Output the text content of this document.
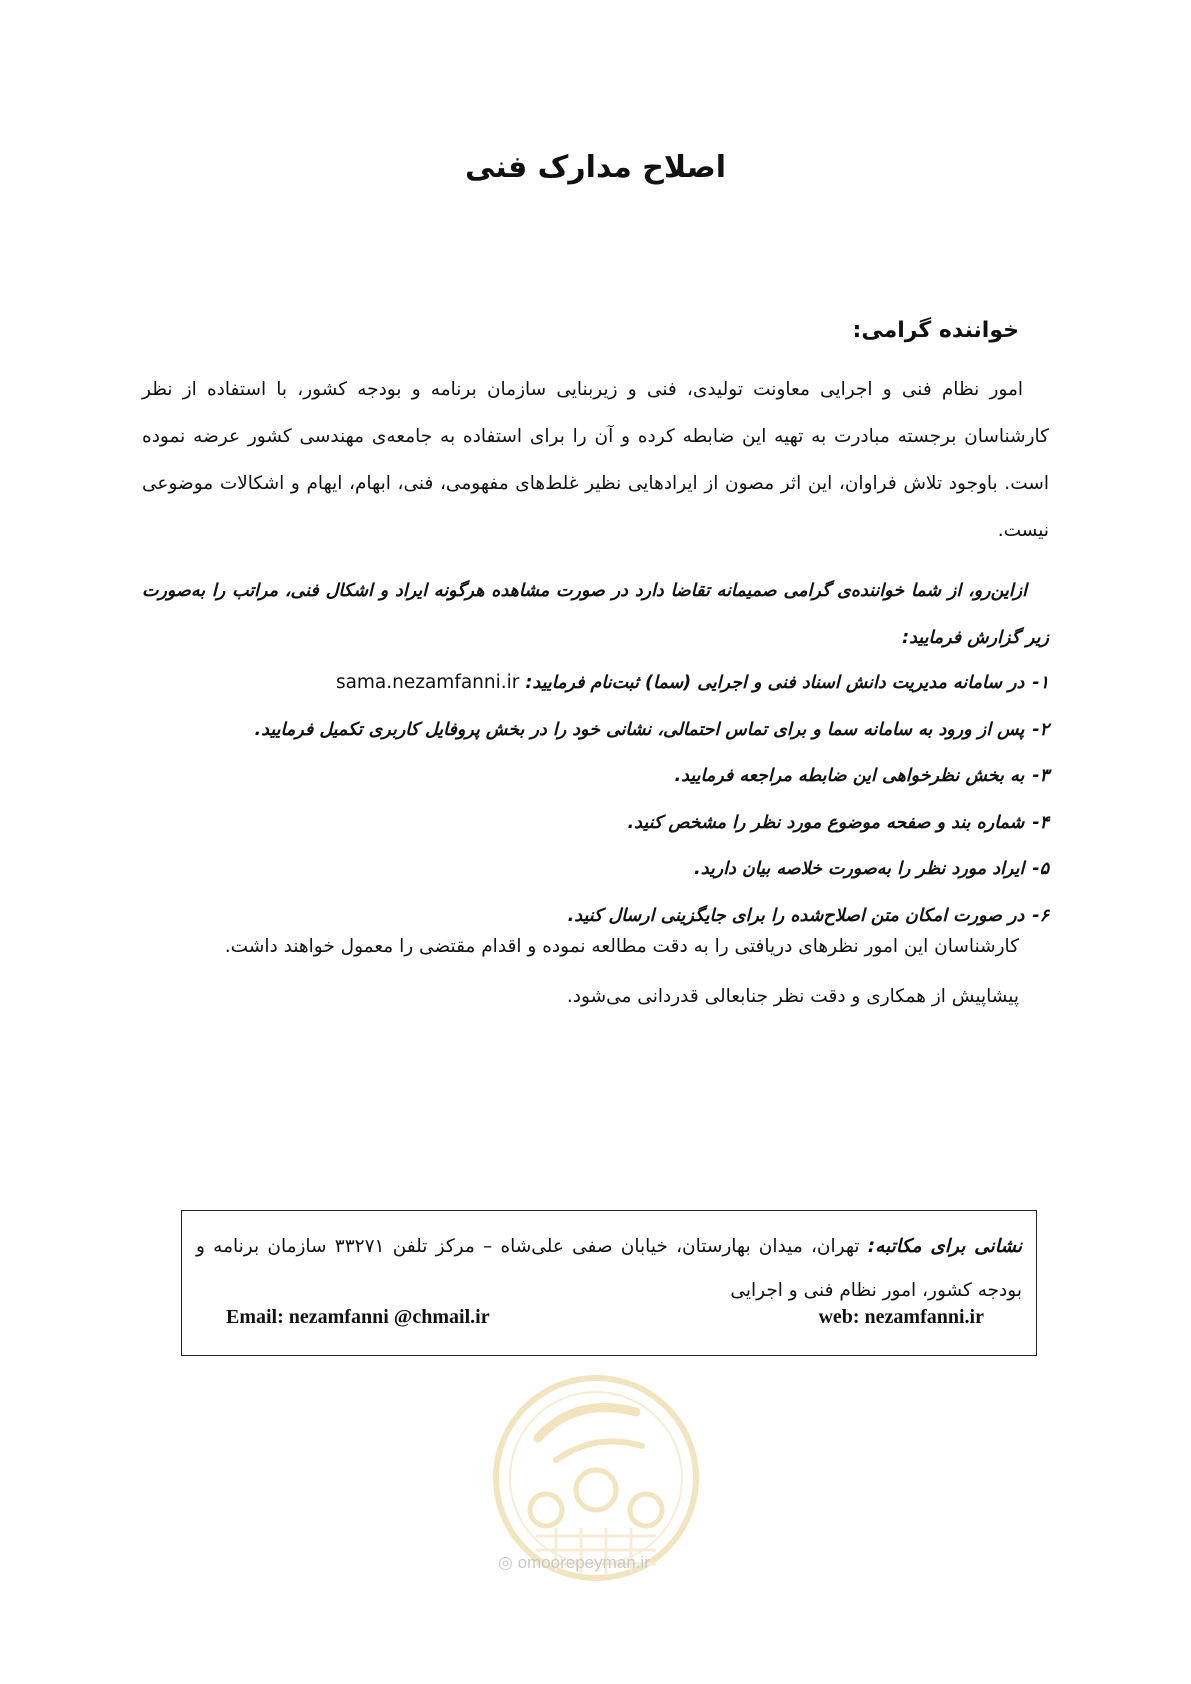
اصلاح مدارک فنی
خواننده گرامی:
امور نظام فنی و اجرایی معاونت تولیدی، فنی و زیربنایی سازمان برنامه و بودجه کشور، با استفاده از نظر کارشناسان برجسته مبادرت به تهیه این ضابطه کرده و آن را برای استفاده به جامعه‌ی مهندسی کشور عرضه نموده است. باوجود تلاش فراوان، این اثر مصون از ایرادهایی نظیر غلط‌های مفهومی، فنی، ابهام، ایهام و اشکالات موضوعی نیست.
ازاین‌رو، از شما خواننده‌ی گرامی صمیمانه تقاضا دارد در صورت مشاهده هرگونه ایراد و اشکال فنی، مراتب را به‌صورت زیر گزارش فرمایید:
۱-در سامانه مدیریت دانش اسناد فنی و اجرایی (سما) ثبت‌نام فرمایید:sama.nezamfanni.ir
۲-پس از ورود به سامانه سما و برای تماس احتمالی، نشانی خود را در بخش پروفایل کاربری تکمیل فرمایید.
۳-به بخش نظرخواهی این ضابطه مراجعه فرمایید.
۴-شماره بند و صفحه موضوع مورد نظر را مشخص کنید.
۵-ایراد مورد نظر را به‌صورت خلاصه بیان دارید.
۶-در صورت امکان متن اصلاح‌شده را برای جایگزینی ارسال کنید.
کارشناسان این امور نظرهای دریافتی را به دقت مطالعه نموده و اقدام مقتضی را معمول خواهند داشت.
پیشاپیش از همکاری و دقت نظر جنابعالی قدردانی می‌شود.
نشانی برای مکاتبه: تهران، میدان بهارستان، خیابان صفی علی‌شاه – مرکز تلفن ۳۳۲۷۱ سازمان برنامه و بودجه کشور، امور نظام فنی و اجرایی
web: nezamfanni.ir
Email: nezamfanni @chmail.ir
◎ omoorepeyman.ir
